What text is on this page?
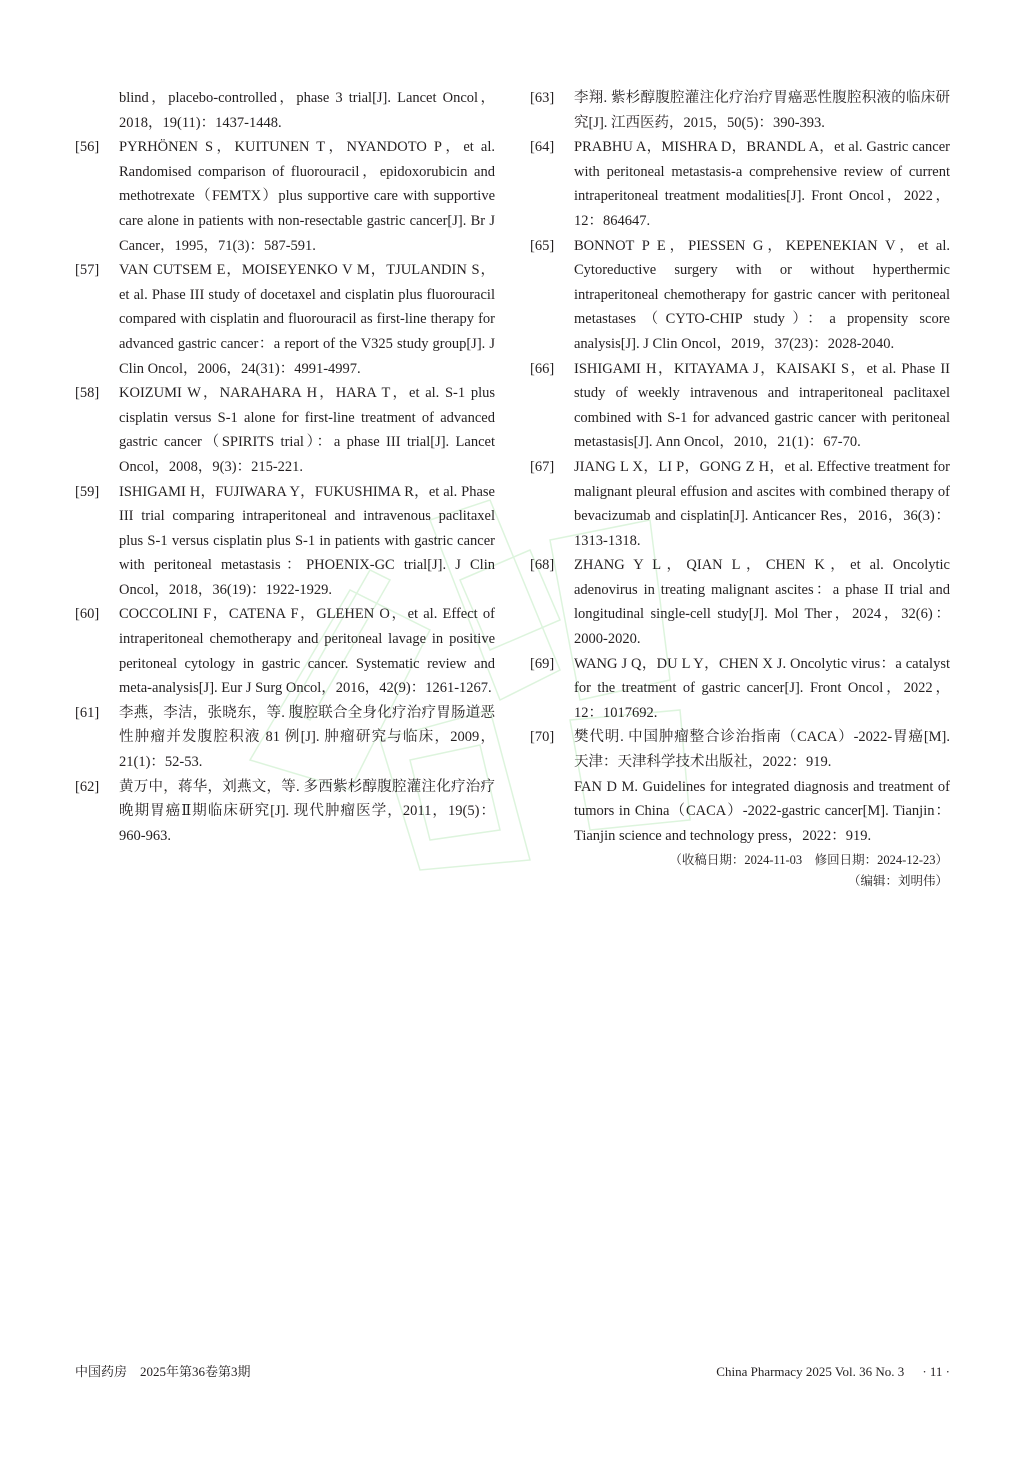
blind，placebo-controlled，phase 3 trial[J]. Lancet Oncol，2018，19(11)：1437-1448.
[56]	PYRHÖNEN S，KUITUNEN T，NYANDOTO P，et al. Randomised comparison of fluorouracil，epidoxorubicin and methotrexate（FEMTX）plus supportive care with supportive care alone in patients with non-resectable gastric cancer[J]. Br J Cancer，1995，71(3)：587-591.
[57]	VAN CUTSEM E，MOISEYENKO V M，TJULANDIN S，et al. Phase III study of docetaxel and cisplatin plus fluorouracil compared with cisplatin and fluorouracil as first-line therapy for advanced gastric cancer：a report of the V325 study group[J]. J Clin Oncol，2006，24(31)：4991-4997.
[58]	KOIZUMI W，NARAHARA H，HARA T，et al. S-1 plus cisplatin versus S-1 alone for first-line treatment of advanced gastric cancer（SPIRITS trial）：a phase III trial[J]. Lancet Oncol，2008，9(3)：215-221.
[59]	ISHIGAMI H，FUJIWARA Y，FUKUSHIMA R，et al. Phase III trial comparing intraperitoneal and intravenous paclitaxel plus S-1 versus cisplatin plus S-1 in patients with gastric cancer with peritoneal metastasis：PHOENIX-GC trial[J]. J Clin Oncol，2018，36(19)：1922-1929.
[60]	COCCOLINI F，CATENA F，GLEHEN O，et al. Effect of intraperitoneal chemotherapy and peritoneal lavage in positive peritoneal cytology in gastric cancer. Systematic review and meta-analysis[J]. Eur J Surg Oncol，2016，42(9)：1261-1267.
[61]	李燕，李洁，张晓东，等. 腹腔联合全身化疗治疗胃肠道恶性肿瘤并发腹腔积液 81 例[J]. 肿瘤研究与临床，2009，21(1)：52-53.
[62]	黄万中，蒋华，刘燕文，等. 多西紫杉醇腹腔灌注化疗治疗晚期胃癌Ⅱ期临床研究[J]. 现代肿瘤医学，2011，19(5)：960-963.
[63]	李翔. 紫杉醇腹腔灌注化疗治疗胃癌恶性腹腔积液的临床研究[J]. 江西医药，2015，50(5)：390-393.
[64]	PRABHU A，MISHRA D，BRANDL A，et al. Gastric cancer with peritoneal metastasis-a comprehensive review of current intraperitoneal treatment modalities[J]. Front Oncol，2022，12：864647.
[65]	BONNOT P E，PIESSEN G，KEPENEKIAN V，et al. Cytoreductive surgery with or without hyperthermic intraperitoneal chemotherapy for gastric cancer with peritoneal metastases（CYTO-CHIP study）：a propensity score analysis[J]. J Clin Oncol，2019，37(23)：2028-2040.
[66]	ISHIGAMI H，KITAYAMA J，KAISAKI S，et al. Phase II study of weekly intravenous and intraperitoneal paclitaxel combined with S-1 for advanced gastric cancer with peritoneal metastasis[J]. Ann Oncol，2010，21(1)：67-70.
[67]	JIANG L X，LI P，GONG Z H，et al. Effective treatment for malignant pleural effusion and ascites with combined therapy of bevacizumab and cisplatin[J]. Anticancer Res，2016，36(3)：1313-1318.
[68]	ZHANG Y L，QIAN L，CHEN K，et al. Oncolytic adenovirus in treating malignant ascites：a phase II trial and longitudinal single-cell study[J]. Mol Ther，2024，32(6)：2000-2020.
[69]	WANG J Q，DU L Y，CHEN X J. Oncolytic virus：a catalyst for the treatment of gastric cancer[J]. Front Oncol，2022，12：1017692.
[70]	樊代明. 中国肿瘤整合诊治指南（CACA）-2022-胃癌[M]. 天津：天津科学技术出版社，2022：919.
FAN D M. Guidelines for integrated diagnosis and treatment of tumors in China（CACA）-2022-gastric cancer[M]. Tianjin：Tianjin science and technology press，2022：919.
（收稿日期：2024-11-03　修回日期：2024-12-23）
（编辑：刘明伟）
中国药房　2025年第36卷第3期	China Pharmacy 2025 Vol. 36 No. 3 · 11 ·
